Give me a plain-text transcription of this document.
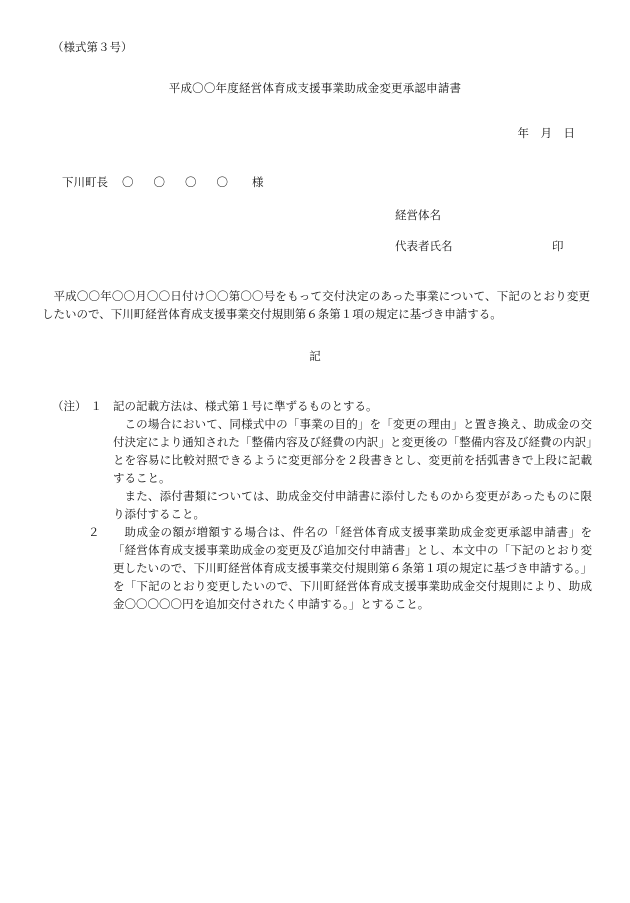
（様式第３号）
平成〇〇年度経営体育成支援事業助成金変更承認申請書
年　月　日
下川町長 〇〇〇〇 様
経営体名
代表者氏名	印

平成〇〇年〇〇月〇〇日付け〇〇第〇〇号をもって交付決定のあった事業について、下記のとおり変更したいので、下川町経営体育成支援事業交付規則第６条第１項の規定に基づき申請する。

記
（注） １ 記の記載方法は、様式第１号に準ずるものとする。

この場合において、同様式中の「事業の目的」を「変更の理由」と置き換え、助成金の交付決定により通知された「整備内容及び経費の内訳」と変更後の「整備内容及び経費の内訳」とを容易に比較対照できるように変更部分を２段書きとし、変更前を括弧書きで上段に記載すること。

また、添付書類については、助成金交付申請書に添付したものから変更があったものに限り添付すること。

２	助成金の額が増額する場合は、件名の「経営体育成支援事業助成金変更承認申請書」を「経営体育成支援事業助成金の変更及び追加交付申請書」とし、本文中の「下記のとおり変更したいので、下川町経営体育成支援事業交付規則第６条第１項の規定に基づき申請する。」を「下記のとおり変更したいので、下川町経営体育成支援事業助成金交付規則により、助成金〇〇〇〇〇円を追加交付されたく申請する。」とすること。
